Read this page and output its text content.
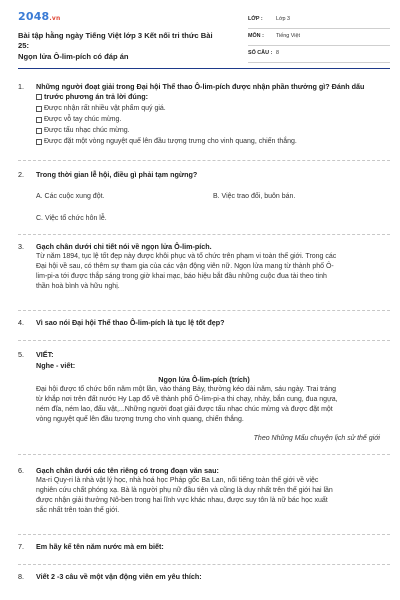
2048.vn
Bài tập hằng ngày Tiếng Việt lớp 3 Kết nối tri thức Bài 25:
Ngọn lửa Ô-lim-pích có đáp án
LỚP :	Lớp 3
MÔN :	Tiếng Việt
SỐ CÂU : 8
1.	Những người đoạt giải trong Đại hội Thể thao Ô-lim-pích được nhận phần thưởng gì? Đánh dấu
trước phương án trả lời đúng:
Được nhận rất nhiều vật phẩm quý giá.
Được vỗ tay chúc mừng.
Được tấu nhạc chúc mừng.
Được đặt một vòng nguyệt quế lên đầu tượng trưng cho vinh quang, chiến thắng.
2.	Trong thời gian lễ hội, điều gì phải tạm ngừng?
A. Các cuộc xung đột.	B. Việc trao đổi, buôn bán.
C. Việc tổ chức hôn lễ.
3.	Gạch chân dưới chi tiết nói về ngọn lửa Ô-lim-pích.
Từ năm 1894, tục lệ tốt đẹp này được khôi phục và tổ chức trên phạm vi toàn thế giới. Trong các
Đại hội về sau, có thêm sự tham gia của các vận động viên nữ. Ngọn lửa mang từ thành phố Ô-
lim-pi-a tới được thắp sáng trong giờ khai mạc, báo hiệu bắt đầu những cuộc đua tài theo tinh
thần hoà bình và hữu nghị.
4.	Vì sao nói Đại hội Thể thao Ô-lim-pích là tục lệ tốt đẹp?
5.	VIẾT:
Nghe - viết:
Ngọn lửa Ô-lim-pích (trích)
Đại hội được tổ chức bốn năm một lần, vào tháng Bảy, thường kéo dài năm, sáu ngày. Trai tráng
từ khắp nơi trên đất nước Hy Lạp đổ về thành phố Ô-lim-pi-a thi chạy, nhảy, bắn cung, đua ngựa,
ném đĩa, ném lao, đấu vật,...Những người đoạt giải được tấu nhạc chúc mừng và được đặt một
vòng nguyệt quế lên đầu tượng trưng cho vinh quang, chiến thắng.
Theo Những Mẩu chuyện lịch sử thế giới
6.	Gạch chân dưới các tên riêng có trong đoạn văn sau:
Ma-ri Quy-ri là nhà vật lý học, nhà hoá học Pháp gốc Ba Lan, nổi tiếng toàn thế giới về việc
nghiên cứu chất phóng xạ. Bà là người phụ nữ đầu tiên và cũng là duy nhất trên thế giới hai lần
được nhận giải thưởng Nô-ben trong hai lĩnh vực khác nhau, được suy tôn là nữ bác học xuất
sắc nhất trên toàn thế giới.
7.	Em hãy kể tên năm nước mà em biết:
8.	Viết 2 -3 câu về một vận động viên em yêu thích:
